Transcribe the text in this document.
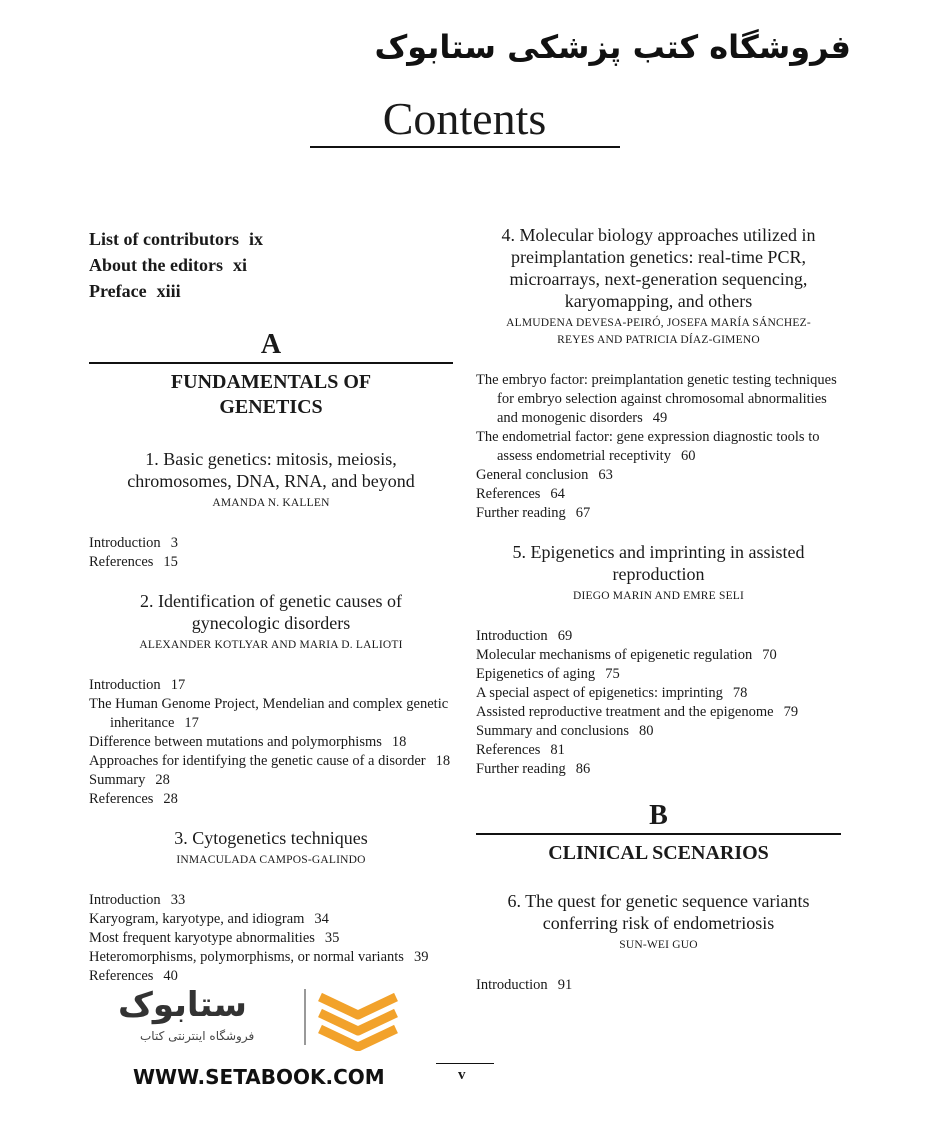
فروشگاه کتب پزشکی ستابوک
Contents
List of contributors ix
About the editors xi
Preface xiii
A
FUNDAMENTALS OF
GENETICS
1. Basic genetics: mitosis, meiosis,
chromosomes, DNA, RNA, and beyond
AMANDA N. KALLEN
Introduction 3
References 15
2. Identification of genetic causes of
gynecologic disorders
ALEXANDER KOTLYAR AND MARIA D. LALIOTI
Introduction 17
The Human Genome Project, Mendelian and complex genetic inheritance 17
Difference between mutations and polymorphisms 18
Approaches for identifying the genetic cause of a disorder 18
Summary 28
References 28
3. Cytogenetics techniques
INMACULADA CAMPOS-GALINDO
Introduction 33
Karyogram, karyotype, and idiogram 34
Most frequent karyotype abnormalities 35
Heteromorphisms, polymorphisms, or normal variants 39
References 40
4. Molecular biology approaches utilized in
preimplantation genetics: real-time PCR,
microarrays, next-generation sequencing,
karyomapping, and others
ALMUDENA DEVESA-PEIRÓ, JOSEFA MARÍA SÁNCHEZ-
REYES AND PATRICIA DÍAZ-GIMENO
The embryo factor: preimplantation genetic testing techniques for embryo selection against chromosomal abnormalities and monogenic disorders 49
The endometrial factor: gene expression diagnostic tools to assess endometrial receptivity 60
General conclusion 63
References 64
Further reading 67
5. Epigenetics and imprinting in assisted
reproduction
DIEGO MARIN AND EMRE SELI
Introduction 69
Molecular mechanisms of epigenetic regulation 70
Epigenetics of aging 75
A special aspect of epigenetics: imprinting 78
Assisted reproductive treatment and the epigenome 79
Summary and conclusions 80
References 81
Further reading 86
B
CLINICAL SCENARIOS
6. The quest for genetic sequence variants
conferring risk of endometriosis
SUN-WEI GUO
Introduction 91
ستابوک
فروشگاه اینترنتی کتاب
WWW.SETABOOK.COM	v
